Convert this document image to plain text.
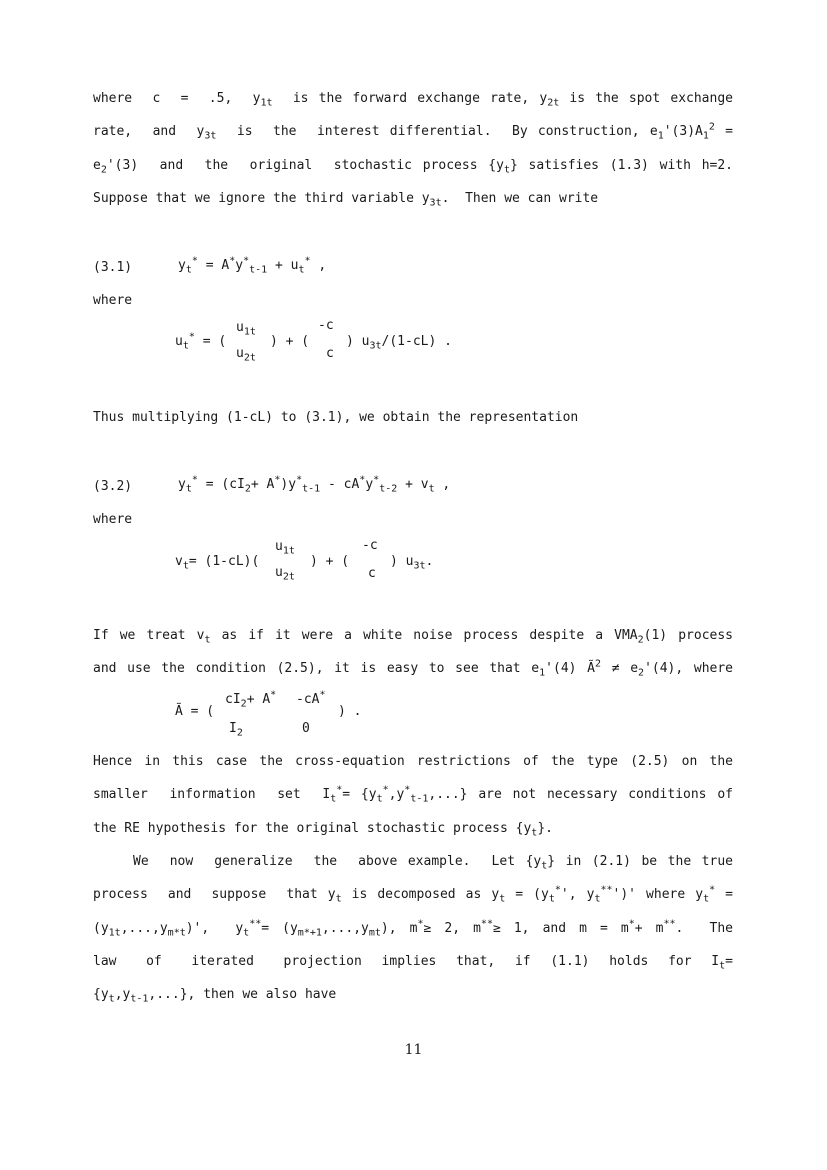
where  c  =  .5,  $y_{1t}$  is the forward exchange rate, $y_{2t}$ is the spot exchange
rate,  and  $y_{3t}$  is  the  interest differential.  By construction, $e_1'(3)A_1^2$ =
$e_2'(3)$  and  the  original  stochastic process $\{y_t\}$ satisfies (1.3) with h=2.
Suppose that we ignore the third variable $y_{3t}$.  Then we can write
(3.1)	$y_t^* = A^*y^*_{t-1} + u_t^*$ ,
where
$u_t^*$ = (
$u_{1t}$
$u_{2t}$
) + (
-c
c
) $u_{3t}/(1-cL)$ .
Thus multiplying (1-cL) to (3.1), we obtain the representation
(3.2)	$y_t^* = (cI_2+ A^*)y^*_{t-1} - cA^*y^*_{t-2} + v_t$ ,
where
$v_t= (1-cL)$(
$u_{1t}$
$u_{2t}$
) + (
-c
c
) $u_{3t}$.
If we treat $v_t$ as if it were a white noise process despite a $VMA_2(1)$ process
and use the condition (2.5), it is easy to see that $e_1'(4)$ $Ã^2 \ne e_2'(4)$, where
Ã = (
$cI_2+ A^*$ -cA*
$I_2$	0
) .
Hence in this case the cross-equation restrictions of the type (2.5) on the
smaller  information  set  $I_t^*= \{y_t^*,y^*_{t-1},...\}$ are not necessary conditions of
the RE hypothesis for the original stochastic process $\{y_t\}$.
We  now  generalize  the  above example.  Let $\{y_t\}$ in (2.1) be the true
process  and  suppose  that $y_t$ is decomposed as $y_t = (y_t^*'$, $y_t^{**}')'$ where $y_t^*$ =
$(y_{1t},...,y_{m*t})'$,  $y_t^{**}= (y_{m*+1},...,y_{mt})$, m*≥ 2, m**≥ 1, and m = m*+ m**.  The
law   of   iterated   projection  implies  that,  if  (1.1)  holds  for  $I_t=$
$\{y_t,y_{t-1},...\}$, then we also have
11
